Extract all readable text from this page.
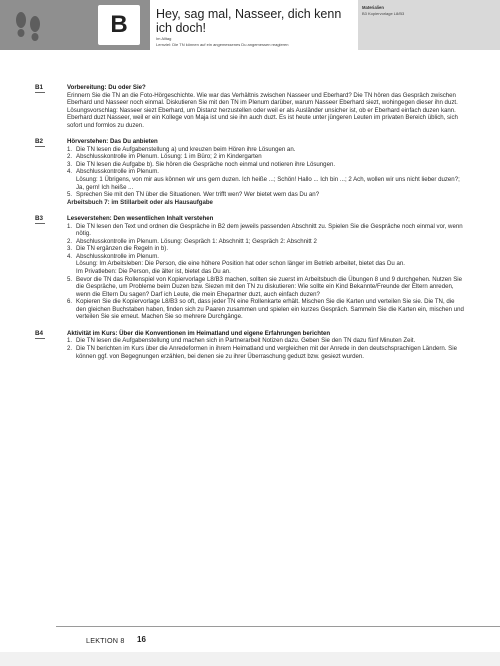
B	Hey, sag mal, Nasseer, dich kenn ich doch!
Im Alltag
Lernziel: Die TN können auf ein angemessenes Du angemessen reagieren
Materialien
B3 Kopiervorlage L8/B3
B1	Vorbereitung: Du oder Sie?

Erinnern Sie die TN an die Foto-Hörgeschichte. Wie war das Verhältnis zwischen Nasseer und Eberhard? Die TN hören das Gespräch zwischen Eberhard und Nasseer noch einmal. Diskutieren Sie mit den TN im Plenum darüber, warum Nasseer Eberhard siezt, wohingegen dieser ihn duzt.

Lösungsvorschlag: Nasseer siezt Eberhard, um Distanz herzustellen oder weil er als Ausländer unsicher ist, ob er Eberhard einfach duzen kann. Eberhard duzt Nasseer, weil er ein Kollege von Maja ist und sie ihn auch duzt. Es ist heute unter jüngeren Leuten im privaten Bereich üblich, sich sofort und formlos zu duzen.

B2	Hörverstehen: Das Du anbieten
1. Die TN lesen die Aufgabenstellung a) und kreuzen beim Hören ihre Lösungen an.
2. Abschlusskontrolle im Plenum. Lösung: 1 im Büro; 2 im Kindergarten
3. Die TN lesen die Aufgabe b). Sie hören die Gespräche noch einmal und notieren ihre Lösungen.
4. Abschlusskontrolle im Plenum.
Lösung: 1 Übrigens, von mir aus können wir uns gern duzen. Ich heiße ...; Schön! Hallo ... Ich bin ...; 2 Ach, wollen wir uns nicht lieber duzen?; Ja, gern! Ich heiße ...
5. Sprechen Sie mit den TN über die Situationen. Wer trifft wen? Wer bietet wem das Du an?
Arbeitsbuch 7: im Stillarbeit oder als Hausaufgabe
B3	Leseverstehen: Den wesentlichen Inhalt verstehen
1. Die TN lesen den Text und ordnen die Gespräche in B2 dem jeweils passenden Abschnitt zu. Spielen Sie die Gespräche noch einmal vor, wenn nötig.
2. Abschlusskontrolle im Plenum. Lösung: Gespräch 1: Abschnitt 1; Gespräch 2: Abschnitt 2
3. Die TN ergänzen die Regeln in b).
4. Abschlusskontrolle im Plenum.
Lösung: Im Arbeitsleben: Die Person, die eine höhere Position hat oder schon länger im Betrieb arbeitet, bietet das Du an.
Im Privatleben: Die Person, die älter ist, bietet das Du an.
5. Bevor die TN das Rollenspiel von Kopiervorlage L8/B3 machen, sollten sie zuerst im Arbeitsbuch die Übungen 8 und 9 durchgehen. Nutzen Sie die Gespräche, um Probleme beim Duzen bzw. Siezen mit den TN zu diskutieren: Wie sollte ein Kind Bekannte/Freunde der Eltern anreden, wenn die Eltern Du sagen? Darf ich Leute, die mein Ehepartner duzt, auch einfach duzen?
6. Kopieren Sie die Kopiervorlage L8/B3 so oft, dass jeder TN eine Rollenkarte erhält. Mischen Sie die Karten und verteilen Sie sie. Die TN, die den gleichen Buchstaben haben, finden sich zu Paaren zusammen und spielen ein kurzes Gespräch. Sammeln Sie die Karten ein, mischen und verteilen Sie sie erneut. Machen Sie so mehrere Durchgänge.
B4	Aktivität im Kurs: Über die Konventionen im Heimatland und eigene Erfahrungen berichten
1. Die TN lesen die Aufgabenstellung und machen sich in Partnerarbeit Notizen dazu. Geben Sie den TN dazu fünf Minuten Zeit.
2. Die TN berichten im Kurs über die Anredeformen in ihrem Heimatland und vergleichen mit der Anrede in den deutschsprachigen Ländern. Sie können ggf. von Begegnungen erzählen, bei denen sie zu ihrer Überraschung geduzt bzw. gesiezt wurden.
LEKTION 8 16
